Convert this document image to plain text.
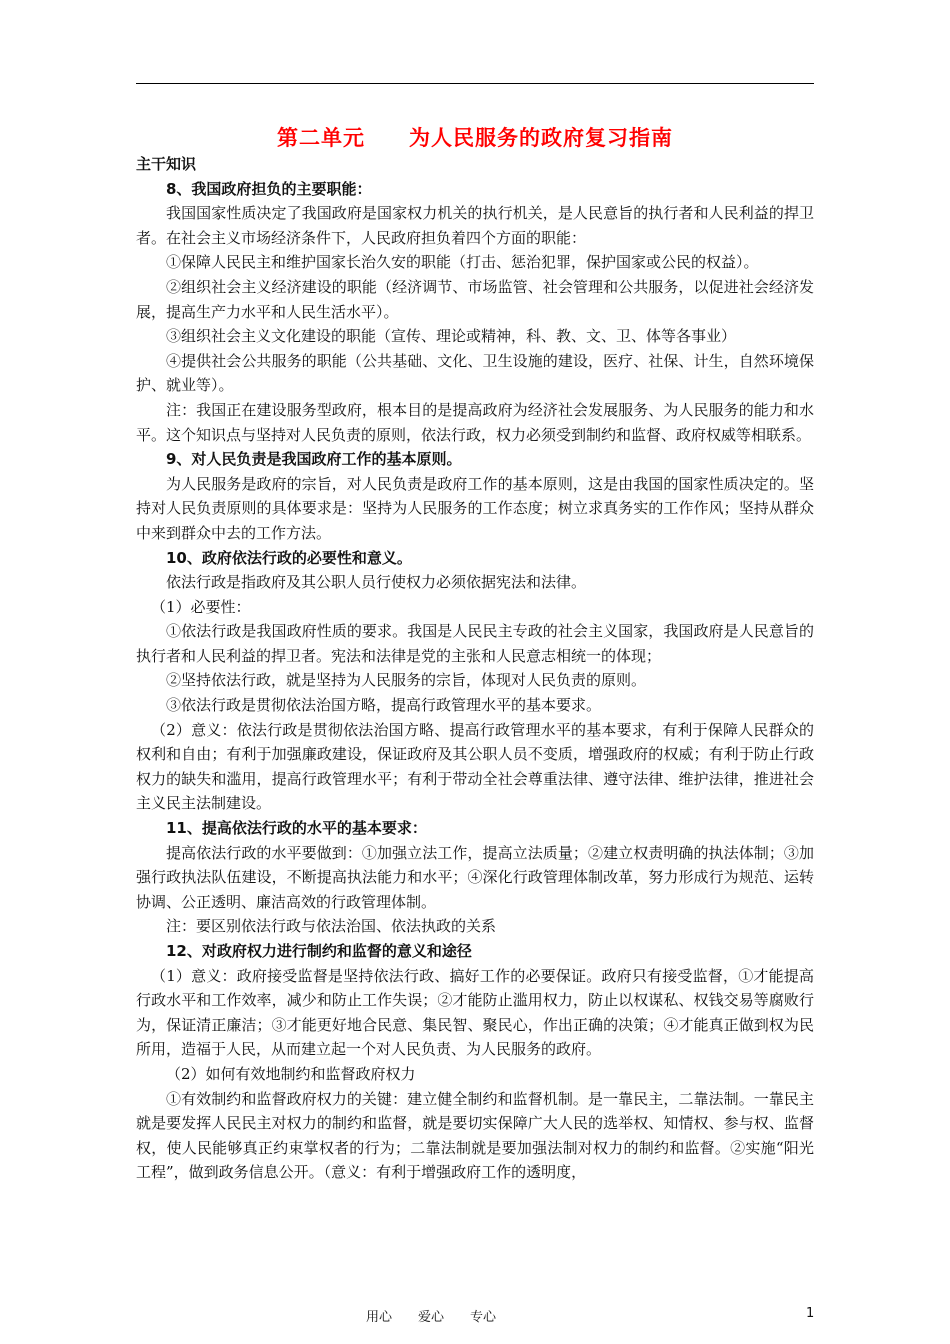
第二单元　　为人民服务的政府复习指南

主干知识

8、我国政府担负的主要职能：

我国国家性质决定了我国政府是国家权力机关的执行机关，是人民意旨的执行者和人民利益的捍卫者。在社会主义市场经济条件下，人民政府担负着四个方面的职能：

①保障人民民主和维护国家长治久安的职能（打击、惩治犯罪，保护国家或公民的权益）。

②组织社会主义经济建设的职能（经济调节、市场监管、社会管理和公共服务，以促进社会经济发展，提高生产力水平和人民生活水平）。

③组织社会主义文化建设的职能（宣传、理论或精神，科、教、文、卫、体等各事业）

④提供社会公共服务的职能（公共基础、文化、卫生设施的建设，医疗、社保、计生，自然环境保护、就业等）。

注：我国正在建设服务型政府，根本目的是提高政府为经济社会发展服务、为人民服务的能力和水平。这个知识点与坚持对人民负责的原则，依法行政，权力必须受到制约和监督、政府权威等相联系。

9、对人民负责是我国政府工作的基本原则。

为人民服务是政府的宗旨，对人民负责是政府工作的基本原则，这是由我国的国家性质决定的。坚持对人民负责原则的具体要求是：坚持为人民服务的工作态度；树立求真务实的工作作风；坚持从群众中来到群众中去的工作方法。

10、政府依法行政的必要性和意义。

依法行政是指政府及其公职人员行使权力必须依据宪法和法律。

（1）必要性：

①依法行政是我国政府性质的要求。我国是人民民主专政的社会主义国家，我国政府是人民意旨的执行者和人民利益的捍卫者。宪法和法律是党的主张和人民意志相统一的体现；

②坚持依法行政，就是坚持为人民服务的宗旨，体现对人民负责的原则。

③依法行政是贯彻依法治国方略，提高行政管理水平的基本要求。

（2）意义：依法行政是贯彻依法治国方略、提高行政管理水平的基本要求，有利于保障人民群众的权利和自由；有利于加强廉政建设，保证政府及其公职人员不变质，增强政府的权威；有利于防止行政权力的缺失和滥用，提高行政管理水平；有利于带动全社会尊重法律、遵守法律、维护法律，推进社会主义民主法制建设。

11、提高依法行政的水平的基本要求：

提高依法行政的水平要做到：①加强立法工作，提高立法质量；②建立权责明确的执法体制；③加强行政执法队伍建设，不断提高执法能力和水平；④深化行政管理体制改革，努力形成行为规范、运转协调、公正透明、廉洁高效的行政管理体制。

注：要区别依法行政与依法治国、依法执政的关系

12、对政府权力进行制约和监督的意义和途径

（1）意义：政府接受监督是坚持依法行政、搞好工作的必要保证。政府只有接受监督，①才能提高行政水平和工作效率，减少和防止工作失误；②才能防止滥用权力，防止以权谋私、权钱交易等腐败行为，保证清正廉洁；③才能更好地合民意、集民智、聚民心，作出正确的决策；④才能真正做到权为民所用，造福于人民，从而建立起一个对人民负责、为人民服务的政府。

（2）如何有效地制约和监督政府权力

①有效制约和监督政府权力的关键：建立健全制约和监督机制。是一靠民主，二靠法制。一靠民主就是要发挥人民民主对权力的制约和监督，就是要切实保障广大人民的选举权、知情权、参与权、监督权，使人民能够真正约束掌权者的行为；二靠法制就是要加强法制对权力的制约和监督。②实施“阳光工程”，做到政务信息公开。（意义：有利于增强政府工作的透明度，

用心　　爱心　　专心	1
